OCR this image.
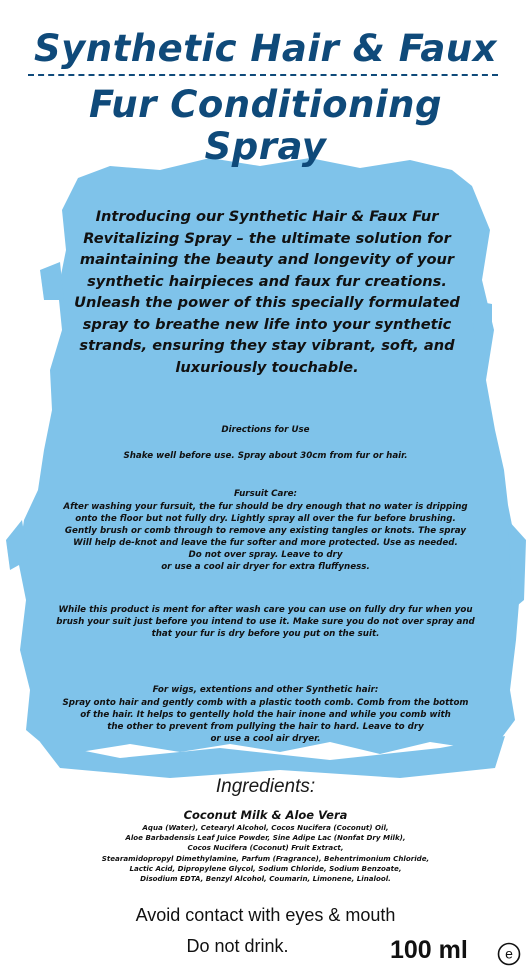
Synthetic Hair & Faux
Fur Conditioning
Spray
Introducing our Synthetic Hair & Faux Fur Revitalizing Spray – the ultimate solution for maintaining the beauty and longevity of your synthetic hairpieces and faux fur creations. Unleash the power of this specially formulated spray to breathe new life into your synthetic strands, ensuring they stay vibrant, soft, and luxuriously touchable.
Directions for Use
Shake well before use. Spray about 30cm from fur or hair.
Fursuit Care:

After washing your fursuit, the fur should be dry enough that no water is dripping

onto the floor but not fully dry. Lightly spray all over the fur before brushing.

Gently brush or comb through to remove any existing tangles or knots. The spray

Will help de-knot and leave the fur softer and more protected. Use as needed.

Do not over spray. Leave to dry

or use a cool air dryer for extra fluffyness.

While this product is ment for after wash care you can use on fully dry fur when you

brush your suit just before you intend to use it. Make sure you do not over spray and

that your fur is dry before you put on the suit.

For wigs, extentions and other Synthetic hair:

Spray onto hair and gently comb with a plastic tooth comb. Comb from the bottom

of the hair. It helps to gentelly hold the hair inone and while you comb with

the other to prevent from pullying the hair to hard. Leave to dry

or use a cool air dryer.

Ingredients:
Coconut Milk & Aloe Vera
Aqua (Water), Cetearyl Alcohol, Cocos Nucifera (Coconut) Oil,
Aloe Barbadensis Leaf Juice Powder, Sine Adipe Lac (Nonfat Dry Milk),
Cocos Nucifera (Coconut) Fruit Extract,
Stearamidopropyl Dimethylamine, Parfum (Fragrance), Behentrimonium Chloride,
Lactic Acid, Dipropylene Glycol, Sodium Chloride, Sodium Benzoate,
Disodium EDTA, Benzyl Alcohol, Coumarin, Limonene, Linalool.
Avoid contact with eyes & mouth
Do not drink.	100 ml	e
